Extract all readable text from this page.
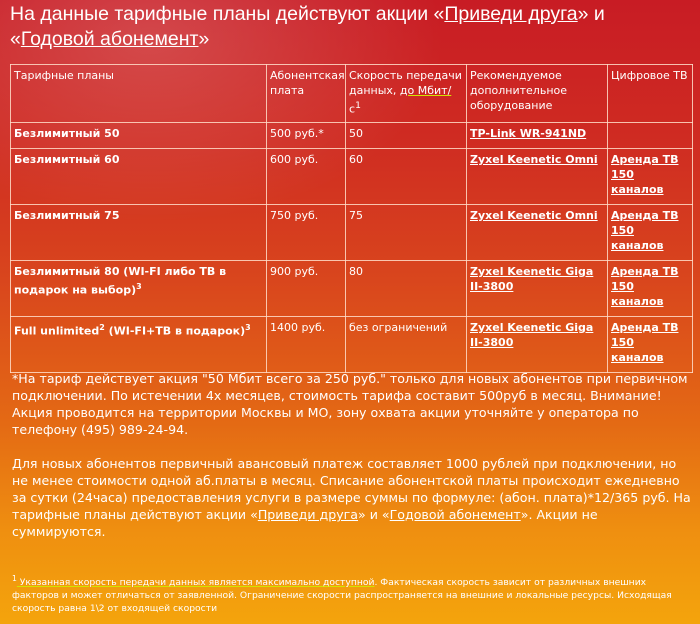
На данные тарифные планы действуют акции «Приведи друга» и «Годовой абонемент»
Тарифные планы	Абонентская плата	Скорость передачи данных, до Мбит/ $с^1$	Рекомендуемое дополнительное оборудование	Цифровое ТВ
Безлимитный 50	500 руб.*	50	TP-Link WR-941ND	
Безлимитный 60	600 руб.	60	Zyxel Keenetic Omni	Аренда ТВ 150 каналов
Безлимитный 75	750 руб.	75	Zyxel Keenetic Omni	Аренда ТВ 150 каналов
Безлимитный 80 (WI-FI либо ТВ в подарок на выбор)$^3$	900 руб.	80	Zyxel Keenetic Giga II-3800	Аренда ТВ 150 каналов
Full unlimited$^2$ (WI-FI+ТВ в подарок)$^3$	1400 руб.	без ограничений	Zyxel Keenetic Giga II-3800	Аренда ТВ 150 каналов

*На тариф действует акция "50 Мбит всего за 250 руб." только для новых абонентов при первичном подключении. По истечении 4х месяцев, стоимость тарифа составит 500руб в месяц. Внимание! Акция проводится на территории Москвы и МО, зону охвата акции уточняйте у оператора по телефону (495) 989-24-94.

Для новых абонентов первичный авансовый платеж составляет 1000 рублей при подключении, но не менее стоимости одной аб.платы в месяц. Списание абонентской платы происходит ежедневно за сутки (24часа) предоставления услуги в размере суммы по формуле: (абон. плата)*12/365 руб. На тарифные планы действуют акции «Приведи друга» и «Годовой абонемент». Акции не суммируются.

$^1$ Указанная скорость передачи данных является максимально доступной. Фактическая скорость зависит от различных внешних факторов и может отличаться от заявленной. Ограничение скорости распространяется на внешние и локальные ресурсы. Исходящая скорость равна 1\2 от входящей скорости
